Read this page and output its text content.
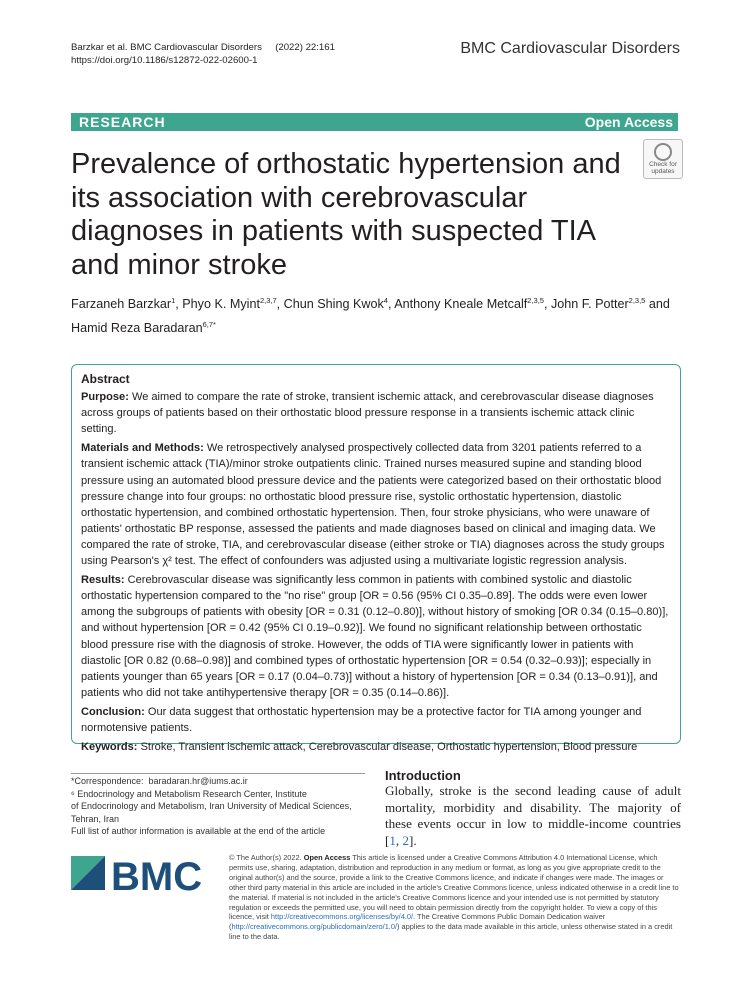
Barzkar et al. BMC Cardiovascular Disorders     (2022) 22:161
https://doi.org/10.1186/s12872-022-02600-1
BMC Cardiovascular Disorders
RESEARCH	Open Access
Check for
updates
Prevalence of orthostatic hypertension and its association with cerebrovascular diagnoses in patients with suspected TIA and minor stroke
Farzaneh Barzkar$^1$, Phyo K. Myint$^{2,3,7}$, Chun Shing Kwok$^4$, Anthony Kneale Metcalf$^{2,3,5}$, John F. Potter$^{2,3,5}$ and
Hamid Reza Baradaran$^{6,7*}$

Abstract

Purpose: We aimed to compare the rate of stroke, transient ischemic attack, and cerebrovascular disease diagnoses across groups of patients based on their orthostatic blood pressure response in a transients ischemic attack clinic setting.

Materials and Methods: We retrospectively analysed prospectively collected data from 3201 patients referred to a transient ischemic attack (TIA)/minor stroke outpatients clinic. Trained nurses measured supine and standing blood pressure using an automated blood pressure device and the patients were categorized based on their orthostatic blood pressure change into four groups: no orthostatic blood pressure rise, systolic orthostatic hypertension, diastolic orthostatic hypertension, and combined orthostatic hypertension. Then, four stroke physicians, who were unaware of patients' orthostatic BP response, assessed the patients and made diagnoses based on clinical and imaging data. We compared the rate of stroke, TIA, and cerebrovascular disease (either stroke or TIA) diagnoses across the study groups using Pearson's χ² test. The effect of confounders was adjusted using a multivariate logistic regression analysis.

Results: Cerebrovascular disease was significantly less common in patients with combined systolic and diastolic orthostatic hypertension compared to the "no rise" group [OR = 0.56 (95% CI 0.35–0.89]. The odds were even lower among the subgroups of patients with obesity [OR = 0.31 (0.12–0.80)], without history of smoking [OR 0.34 (0.15–0.80)], and without hypertension [OR = 0.42 (95% CI 0.19–0.92)]. We found no significant relationship between orthostatic blood pressure rise with the diagnosis of stroke. However, the odds of TIA were significantly lower in patients with diastolic [OR 0.82 (0.68–0.98)] and combined types of orthostatic hypertension [OR = 0.54 (0.32–0.93)]; especially in patients younger than 65 years [OR = 0.17 (0.04–0.73)] without a history of hypertension [OR = 0.34 (0.13–0.91)], and patients who did not take antihypertensive therapy [OR = 0.35 (0.14–0.86)].

Conclusion: Our data suggest that orthostatic hypertension may be a protective factor for TIA among younger and normotensive patients.

Keywords: Stroke, Transient ischemic attack, Cerebrovascular disease, Orthostatic hypertension, Blood pressure

*Correspondence:  baradaran.hr@iums.ac.ir
⁶ Endocrinology and Metabolism Research Center, Institute
of Endocrinology and Metabolism, Iran University of Medical Sciences,
Tehran, Iran
Full list of author information is available at the end of the article
Introduction
Globally, stroke is the second leading cause of adult mortality, morbidity and disability. The majority of these events occur in low to middle-income countries [1, 2].
BMC	© The Author(s) 2022. Open Access This article is licensed under a Creative Commons Attribution 4.0 International License, which permits use, sharing, adaptation, distribution and reproduction in any medium or format, as long as you give appropriate credit to the original author(s) and the source, provide a link to the Creative Commons licence, and indicate if changes were made. The images or other third party material in this article are included in the article's Creative Commons licence, unless indicated otherwise in a credit line to the material. If material is not included in the article's Creative Commons licence and your intended use is not permitted by statutory regulation or exceeds the permitted use, you will need to obtain permission directly from the copyright holder. To view a copy of this licence, visit http://creativecommons.org/licenses/by/4.0/. The Creative Commons Public Domain Dedication waiver (http://creativecommons.org/publicdomain/zero/1.0/) applies to the data made available in this article, unless otherwise stated in a credit line to the data.
